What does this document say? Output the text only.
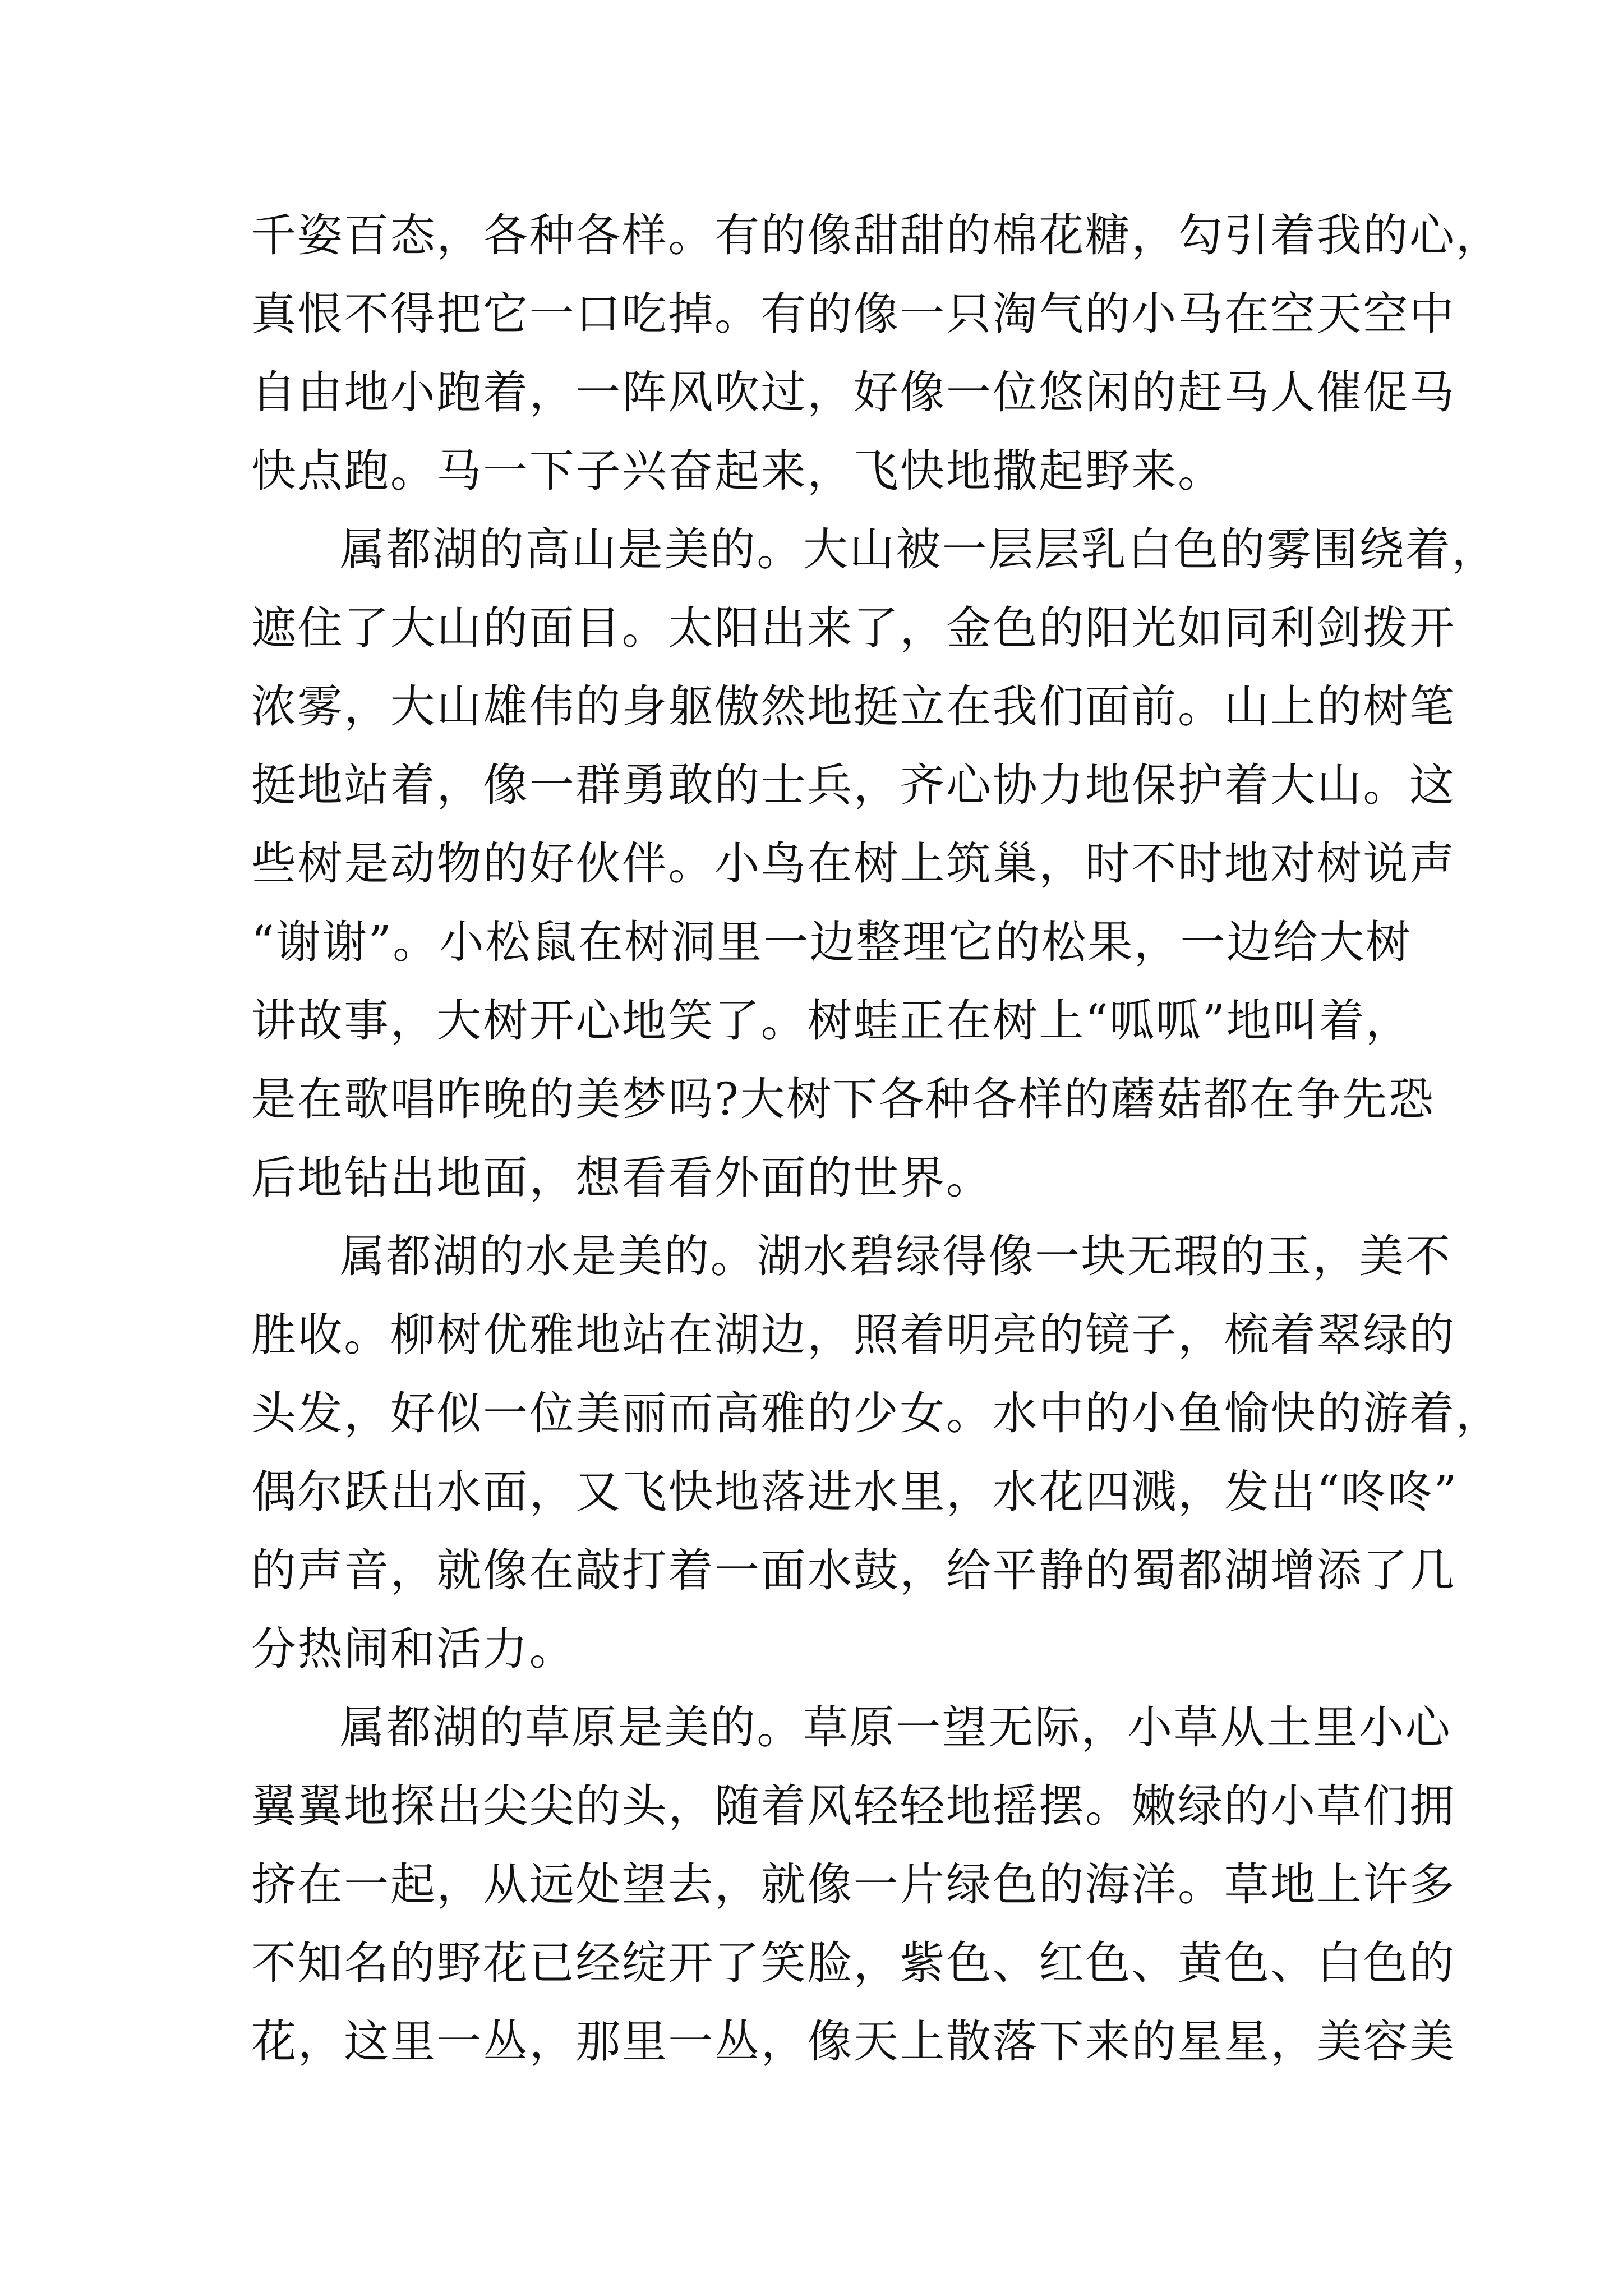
千姿百态，各种各样。有的像甜甜的棉花糖，勾引着我的心，
真恨不得把它一口吃掉。有的像一只淘气的小马在空天空中
自由地小跑着，一阵风吹过，好像一位悠闲的赶马人催促马
快点跑。马一下子兴奋起来，飞快地撒起野来。
属都湖的高山是美的。大山被一层层乳白色的雾围绕着，
遮住了大山的面目。太阳出来了，金色的阳光如同利剑拨开
浓雾，大山雄伟的身躯傲然地挺立在我们面前。山上的树笔
挺地站着，像一群勇敢的士兵，齐心协力地保护着大山。这
些树是动物的好伙伴。小鸟在树上筑巢，时不时地对树说声
“谢谢”。小松鼠在树洞里一边整理它的松果，一边给大树
讲故事，大树开心地笑了。树蛙正在树上“呱呱”地叫着，
是在歌唱昨晚的美梦吗?大树下各种各样的蘑菇都在争先恐
后地钻出地面，想看看外面的世界。
属都湖的水是美的。湖水碧绿得像一块无瑕的玉，美不
胜收。柳树优雅地站在湖边，照着明亮的镜子，梳着翠绿的
头发，好似一位美丽而高雅的少女。水中的小鱼愉快的游着，
偶尔跃出水面，又飞快地落进水里，水花四溅，发出“咚咚”
的声音，就像在敲打着一面水鼓，给平静的蜀都湖增添了几
分热闹和活力。
属都湖的草原是美的。草原一望无际，小草从土里小心
翼翼地探出尖尖的头，随着风轻轻地摇摆。嫩绿的小草们拥
挤在一起，从远处望去，就像一片绿色的海洋。草地上许多
不知名的野花已经绽开了笑脸，紫色、红色、黄色、白色的
花，这里一丛，那里一丛，像天上散落下来的星星，美容美
